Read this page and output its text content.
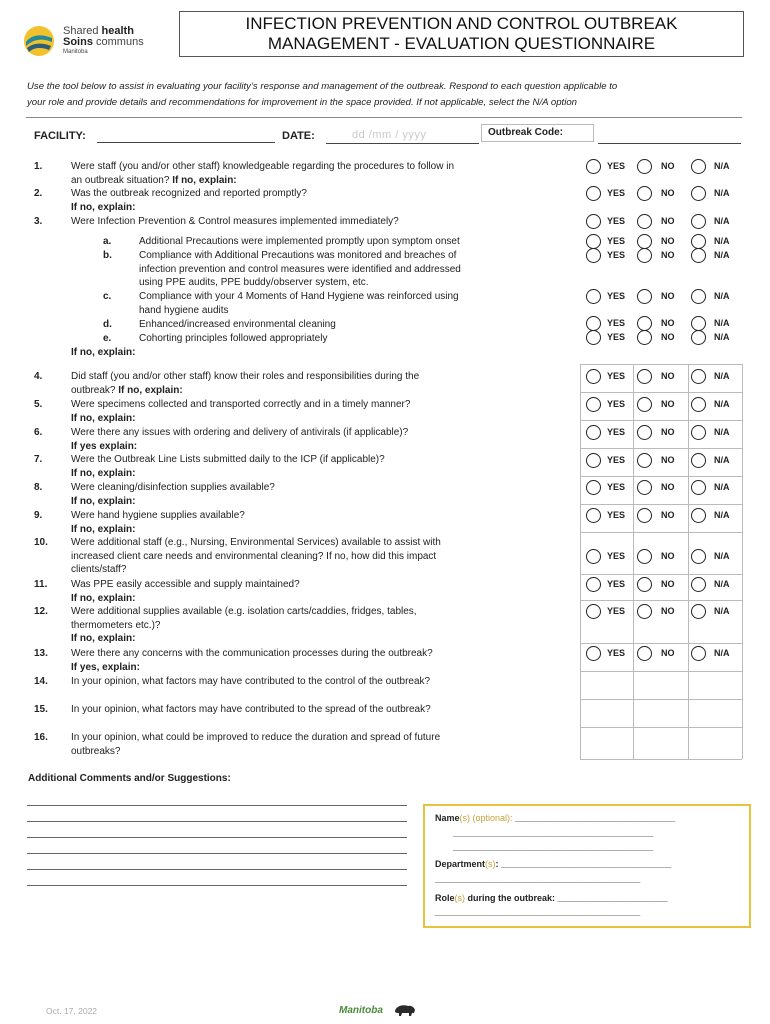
Shared health
Soins communs
Manitoba
INFECTION PREVENTION AND CONTROL OUTBREAK
MANAGEMENT - EVALUATION QUESTIONNAIRE
Use the tool below to assist in evaluating your facility’s response and management of the outbreak. Respond to each question applicable to
your role and provide details and recommendations for improvement in the space provided. If not applicable, select the N/A option
FACILITY:	DATE:	dd /mm / yyyy	Outbreak Code:
1.	Were staff (you and/or other staff) knowledgeable regarding the procedures to follow in
an outbreak situation? If no, explain:
YES	NO	N/A
2.	Was the outbreak recognized and reported promptly?
If no, explain:
YES	NO	N/A
3.	Were Infection Prevention & Control measures implemented immediately?	YES	NO	N/A
a.	Additional Precautions were implemented promptly upon symptom onset	YES	NO	N/A
b.	Compliance with Additional Precautions was monitored and breaches of
infection prevention and control measures were identified and addressed
using PPE audits, PPE buddy/observer system, etc.
YES	NO	N/A
c.	Compliance with your 4 Moments of Hand Hygiene was reinforced using
hand hygiene audits
YES	NO	N/A
d.	Enhanced/increased environmental cleaning	YES	NO	N/A
e.	Cohorting principles followed appropriately	YES	NO	N/A
If no, explain:
4.	Did staff (you and/or other staff) know their roles and responsibilities during the
outbreak? If no, explain:
YES	NO	N/A
5.	Were specimens collected and transported correctly and in a timely manner?
If no, explain:
YES	NO	N/A
6.	Were there any issues with ordering and delivery of antivirals (if applicable)?
If yes explain:
YES	NO	N/A
7.	Were the Outbreak Line Lists submitted daily to the ICP (if applicable)?
If no, explain:
YES	NO	N/A
8.	Were cleaning/disinfection supplies available?
If no, explain:
YES	NO	N/A
9.	Were hand hygiene supplies available?
If no, explain:
YES	NO	N/A
10. Were additional staff (e.g., Nursing, Environmental Services) available to assist with
increased client care needs and environmental cleaning? If no, how did this impact
clients/staff?
YES	NO	N/A
11. Was PPE easily accessible and supply maintained?
If no, explain:
YES	NO	N/A
12. Were additional supplies available (e.g. isolation carts/caddies, fridges, tables,
thermometers etc.)?
If no, explain:
YES	NO	N/A
13. Were there any concerns with the communication processes during the outbreak?
If yes, explain:
YES	NO	N/A
14. In your opinion, what factors may have contributed to the control of the outbreak?
15. In your opinion, what factors may have contributed to the spread of the outbreak?
16. In your opinion, what could be improved to reduce the duration and spread of future
outbreaks?
Additional Comments and/or Suggestions:
Name(s) (optional): ________________________________
________________________________________
________________________________________
Department(s): __________________________________
_________________________________________
Role(s) during the outbreak: ______________________
_________________________________________
Oct. 17, 2022	Manitoba
